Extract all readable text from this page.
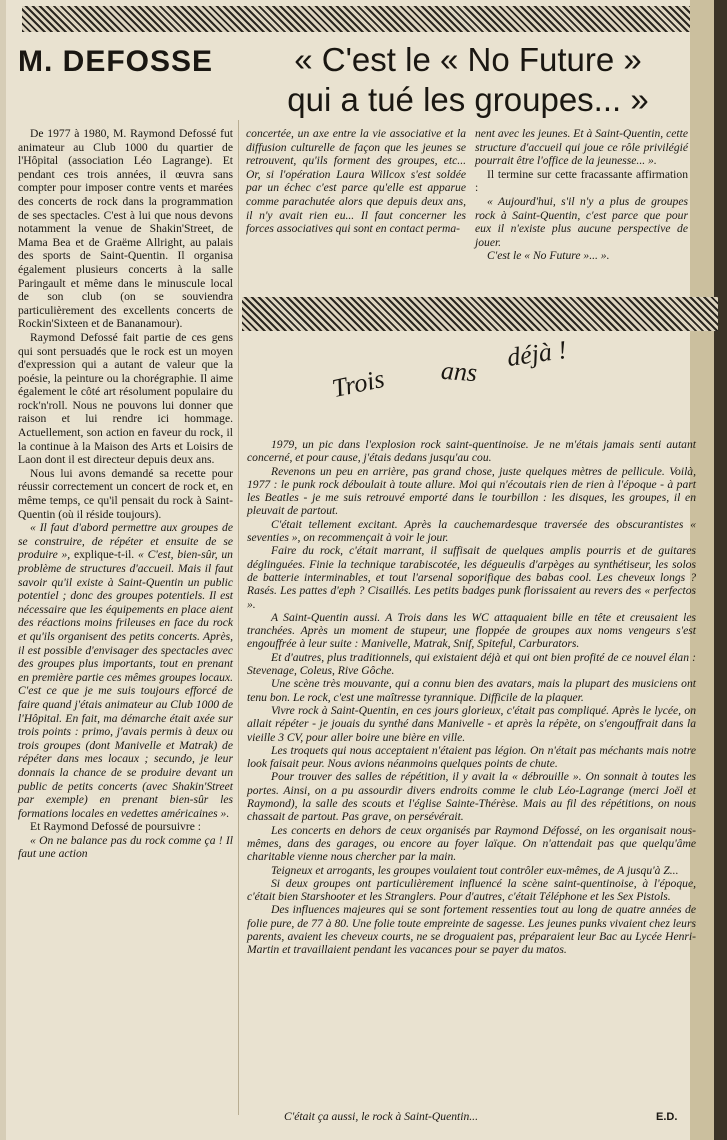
M. DEFOSSE	« C'est le « No Future »
qui a tué les groupes... »

De 1977 à 1980, M. Raymond Defossé fut animateur au Club 1000 du quartier de l'Hôpital (association Léo Lagrange). Et pendant ces trois années, il œuvra sans compter pour imposer contre vents et marées des concerts de rock dans la programmation de ses spectacles. C'est à lui que nous devons notamment la venue de Shakin'Street, de Mama Bea et de Graëme Allright, au palais des sports de Saint-Quentin. Il organisa également plusieurs concerts à la salle Paringault et même dans le minuscule local de son club (on se souviendra particulièrement des excellents concerts de Rockin'Sixteen et de Bananamour).

Raymond Defossé fait partie de ces gens qui sont persuadés que le rock est un moyen d'expression qui a autant de valeur que la poésie, la peinture ou la chorégraphie. Il aime également le côté art résolument populaire du rock'n'roll. Nous ne pouvons lui donner que raison et lui rendre ici hommage. Actuellement, son action en faveur du rock, il la continue à la Maison des Arts et Loisirs de Laon dont il est directeur depuis deux ans.

Nous lui avons demandé sa recette pour réussir correctement un concert de rock et, en même temps, ce qu'il pensait du rock à Saint-Quentin (où il réside toujours).

« Il faut d'abord permettre aux groupes de se construire, de répéter et ensuite de se produire », explique-t-il. « C'est, bien-sûr, un problème de structures d'accueil. Mais il faut savoir qu'il existe à Saint-Quentin un public potentiel ; donc des groupes potentiels. Il est nécessaire que les équipements en place aient des réactions moins frileuses en face du rock et qu'ils organisent des petits concerts. Après, il est possible d'envisager des spectacles avec des groupes plus importants, tout en prenant en première partie ces mêmes groupes locaux. C'est ce que je me suis toujours efforcé de faire quand j'étais animateur au Club 1000 de l'Hôpital. En fait, ma démarche était axée sur trois points : primo, j'avais permis à deux ou trois groupes (dont Manivelle et Matrak) de répéter dans mes locaux ; secundo, je leur donnais la chance de se produire devant un public de petits concerts (avec Shakin'Street par exemple) en prenant bien-sûr les formations locales en vedettes américaines ».

Et Raymond Defossé de poursuivre :

« On ne balance pas du rock comme ça ! Il faut une action

concertée, un axe entre la vie associative et la diffusion culturelle de façon que les jeunes se retrouvent, qu'ils forment des groupes, etc... Or, si l'opération Laura Willcox s'est soldée par un échec c'est parce qu'elle est apparue comme parachutée alors que depuis deux ans, il n'y avait rien eu... Il faut concerner les forces associatives qui sont en contact perma-

nent avec les jeunes. Et à Saint-Quentin, cette structure d'accueil qui joue ce rôle privilégié pourrait être l'office de la jeunesse... ».

Il termine sur cette fracassante affirmation :

« Aujourd'hui, s'il n'y a plus de groupes rock à Saint-Quentin, c'est parce que pour eux il n'existe plus aucune perspective de jouer.

C'est le « No Future »... ».

Trois ans déjà !

1979, un pic dans l'explosion rock saint-quentinoise. Je ne m'étais jamais senti autant concerné, et pour cause, j'étais dedans jusqu'au cou.

Revenons un peu en arrière, pas grand chose, juste quelques mètres de pellicule. Voilà, 1977 : le punk rock déboulait à toute allure. Moi qui n'écoutais rien de rien à l'époque - à part les Beatles - je me suis retrouvé emporté dans le tourbillon : les disques, les groupes, il en pleuvait de partout.

C'était tellement excitant. Après la cauchemardesque traversée des obscurantistes « seventies », on recommençait à voir le jour.

Faire du rock, c'était marrant, il suffisait de quelques amplis pourris et de guitares déglinguées. Finie la technique tarabiscotée, les dégueulis d'arpèges au synthétiseur, les solos de batterie interminables, et tout l'arsenal soporifique des babas cool. Les cheveux longs ? Rasés. Les pattes d'eph ? Cisaillés. Les petits badges punk florissaient au revers des « perfectos ».

A Saint-Quentin aussi. A Trois dans les WC attaquaient bille en tête et creusaient les tranchées. Après un moment de stupeur, une floppée de groupes aux noms vengeurs s'est engouffrée à leur suite : Manivelle, Matrak, Snif, Spiteful, Carburators.

Et d'autres, plus traditionnels, qui existaient déjà et qui ont bien profité de ce nouvel élan : Stevenage, Coleus, Rive Gôche.

Une scène très mouvante, qui a connu bien des avatars, mais la plupart des musiciens ont tenu bon. Le rock, c'est une maîtresse tyrannique. Difficile de la plaquer.

Vivre rock à Saint-Quentin, en ces jours glorieux, c'était pas compliqué. Après le lycée, on allait répéter - je jouais du synthé dans Manivelle - et après la répète, on s'engouffrait dans la vieille 3 CV, pour aller boire une bière en ville.

Les troquets qui nous acceptaient n'étaient pas légion. On n'était pas méchants mais notre look faisait peur. Nous avions néanmoins quelques points de chute.

Pour trouver des salles de répétition, il y avait la « débrouille ». On sonnait à toutes les portes. Ainsi, on a pu assourdir divers endroits comme le club Léo-Lagrange (merci Joël et Raymond), la salle des scouts et l'église Sainte-Thérèse. Mais au fil des répétitions, on nous chassait de partout. Pas grave, on persévérait.

Les concerts en dehors de ceux organisés par Raymond Défossé, on les organisait nous-mêmes, dans des garages, ou encore au foyer laïque. On n'attendait pas que quelqu'âme charitable vienne nous chercher par la main.

Teigneux et arrogants, les groupes voulaient tout contrôler eux-mêmes, de A jusqu'à Z...

Si deux groupes ont particulièrement influencé la scène saint-quentinoise, à l'époque, c'était bien Starshooter et les Stranglers. Pour d'autres, c'était Téléphone et les Sex Pistols.

Des influences majeures qui se sont fortement ressenties tout au long de quatre années de folie pure, de 77 à 80. Une folie toute empreinte de sagesse. Les jeunes punks vivaient chez leurs parents, avaient les cheveux courts, ne se droguaient pas, préparaient leur Bac au Lycée Henri-Martin et travaillaient pendant les vacances pour se payer du matos.

C'était ça aussi, le rock à Saint-Quentin...	E.D.
